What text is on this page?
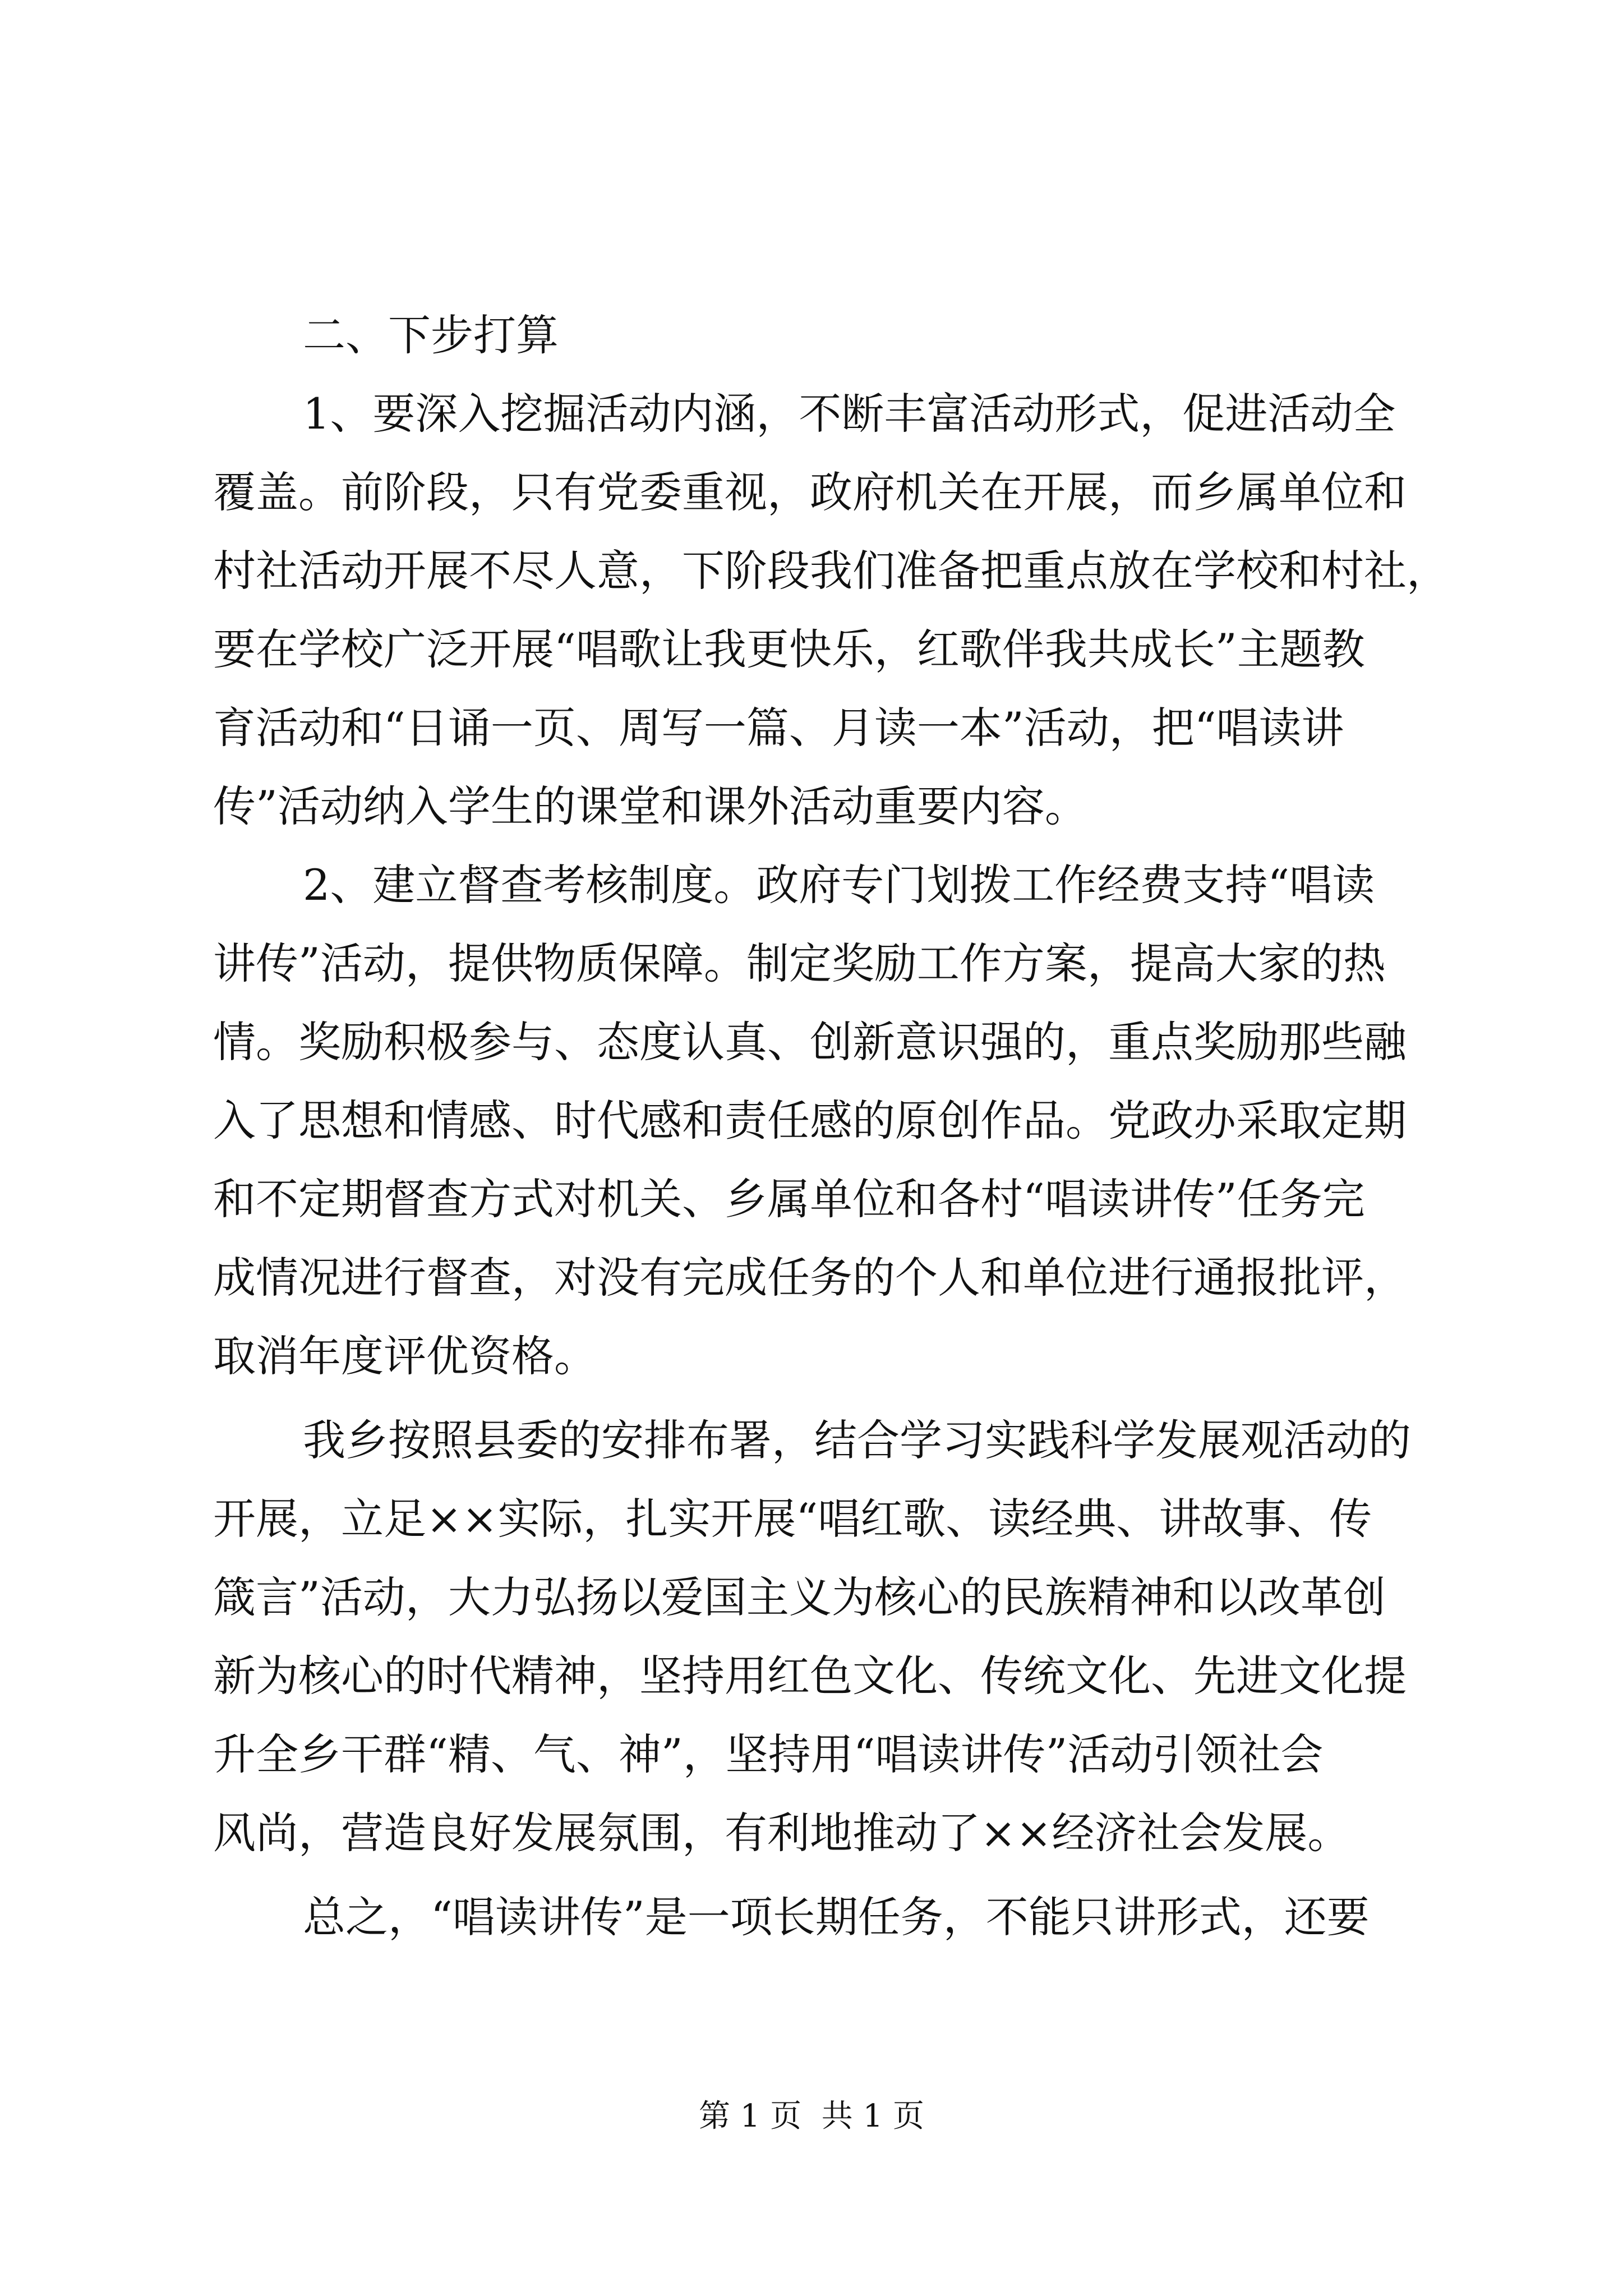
二、下步打算
1、要深入挖掘活动内涵，不断丰富活动形式，促进活动全
覆盖。前阶段，只有党委重视，政府机关在开展，而乡属单位和
村社活动开展不尽人意，下阶段我们准备把重点放在学校和村社，
要在学校广泛开展“唱歌让我更快乐，红歌伴我共成长”主题教
育活动和“日诵一页、周写一篇、月读一本”活动，把“唱读讲
传”活动纳入学生的课堂和课外活动重要内容。
2、建立督查考核制度。政府专门划拨工作经费支持“唱读
讲传”活动，提供物质保障。制定奖励工作方案，提高大家的热
情。奖励积极参与、态度认真、创新意识强的，重点奖励那些融
入了思想和情感、时代感和责任感的原创作品。党政办采取定期
和不定期督查方式对机关、乡属单位和各村“唱读讲传”任务完
成情况进行督查，对没有完成任务的个人和单位进行通报批评，
取消年度评优资格。
我乡按照县委的安排布署，结合学习实践科学发展观活动的
开展，立足××实际，扎实开展“唱红歌、读经典、讲故事、传
箴言”活动，大力弘扬以爱国主义为核心的民族精神和以改革创
新为核心的时代精神，坚持用红色文化、传统文化、先进文化提
升全乡干群“精、气、神”，坚持用“唱读讲传”活动引领社会
风尚，营造良好发展氛围，有利地推动了××经济社会发展。
总之，“唱读讲传”是一项长期任务，不能只讲形式，还要
第 1 页  共 1 页
